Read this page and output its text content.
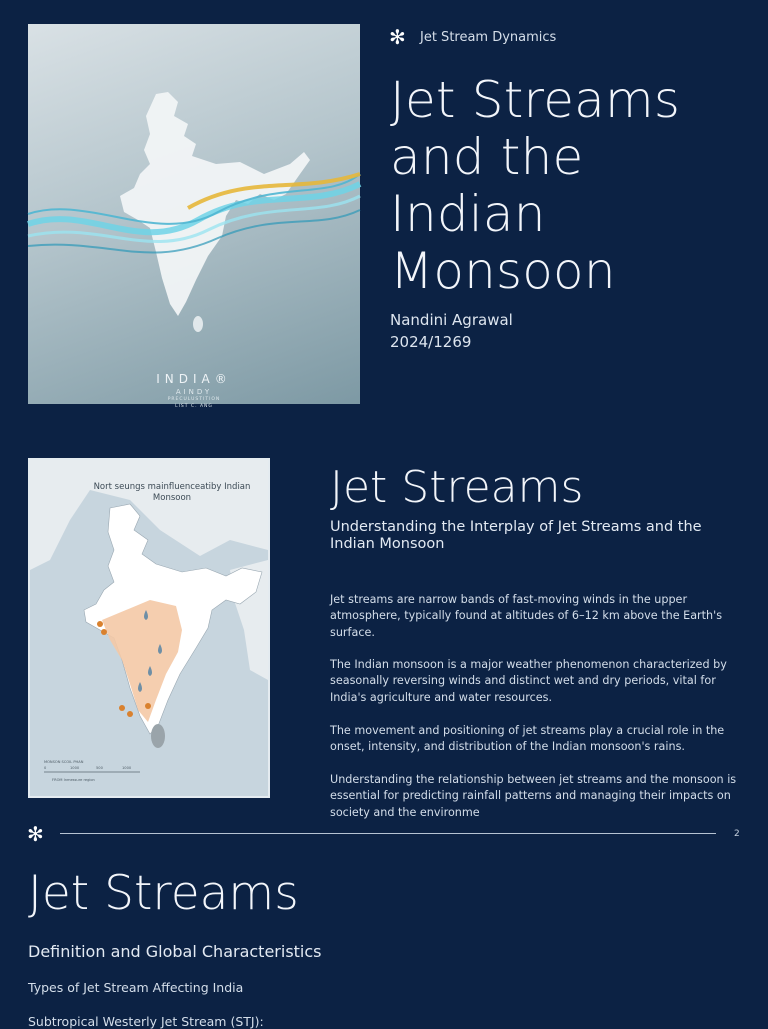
INDIA®
AINDY
PRECULUSTITION
LIST C. ANG
✻ Jet Stream Dynamics
Jet Streams and the Indian Monsoon
Nandini Agrawal
2024/1269
Nort seungs mainfluenceatiby Indian Monsoon
MONSON SCOIL PHAN
0	1000	500	1000
FROM Inmessure region
Jet Streams
Understanding the Interplay of Jet Streams and the Indian Monsoon
Jet streams are narrow bands of fast-moving winds in the upper atmosphere, typically found at altitudes of 6–12 km above the Earth's surface.
The Indian monsoon is a major weather phenomenon characterized by seasonally reversing winds and distinct wet and dry periods, vital for India's agriculture and water resources.
The movement and positioning of jet streams play a crucial role in the onset, intensity, and distribution of the Indian monsoon's rains.
Understanding the relationship between jet streams and the monsoon is essential for predicting rainfall patterns and managing their impacts on society and the environme
✻	2
Jet Streams
Definition and Global Characteristics
Types of Jet Stream Affecting India
Subtropical Westerly Jet Stream (STJ):
